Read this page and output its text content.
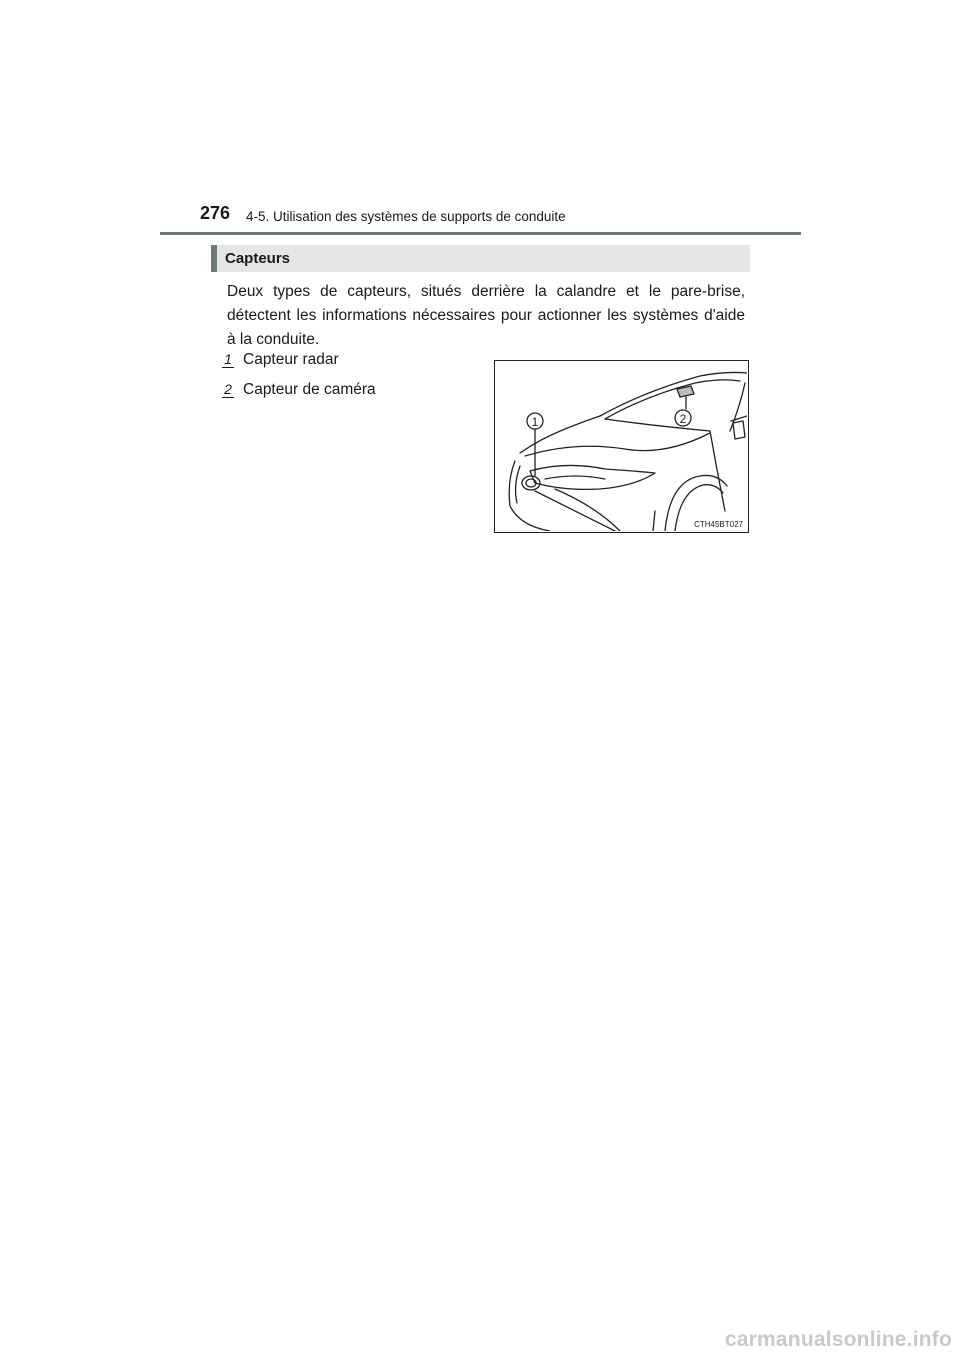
276 4-5. Utilisation des systèmes de supports de conduite
Capteurs
Deux types de capteurs, situés derrière la calandre et le pare-brise, détectent les informations nécessaires pour actionner les systèmes d'aide à la conduite.
1 Capteur radar
2 Capteur de caméra
1	2
CTH45BT027
carmanualsonline.info
